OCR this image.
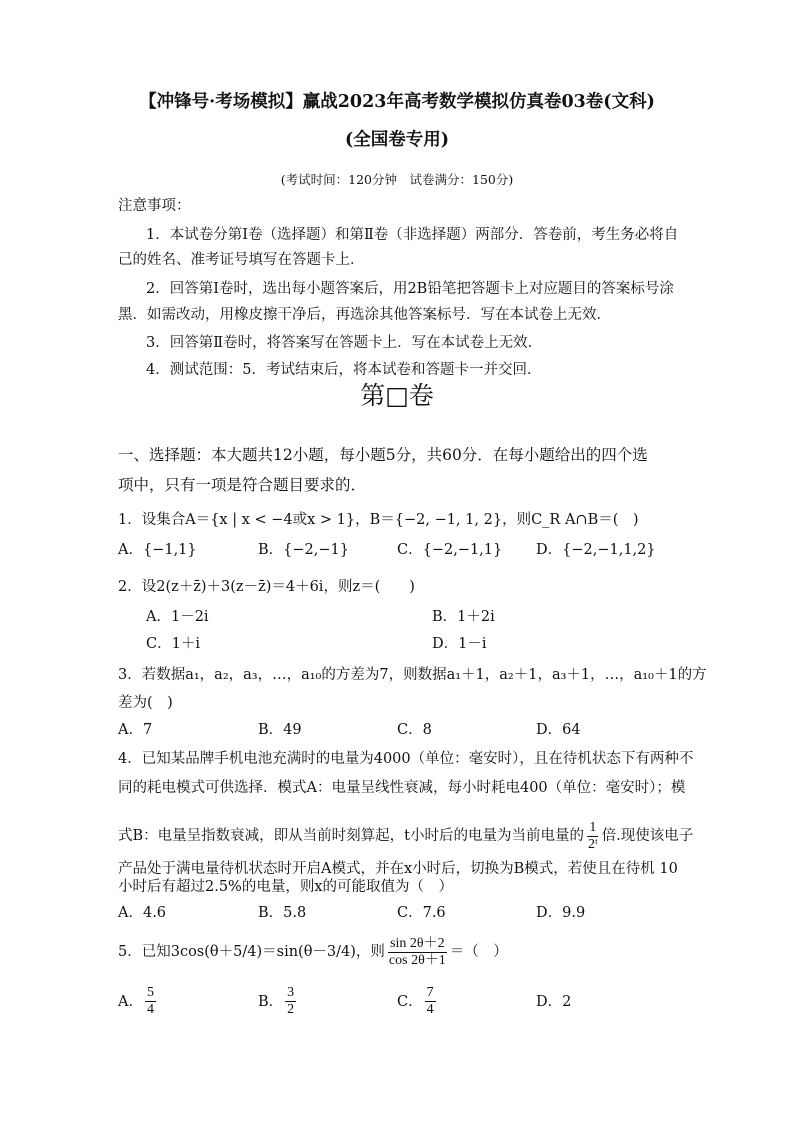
【冲锋号·考场模拟】赢战2023年高考数学模拟仿真卷03卷(文科)
(全国卷专用)
(考试时间：120分钟　试卷满分：150分)
注意事项：
1．本试卷分第Ⅰ卷（选择题）和第Ⅱ卷（非选择题）两部分．答卷前，考生务必将自
己的姓名、准考证号填写在答题卡上．
2．回答第Ⅰ卷时，选出每小题答案后，用2B铅笔把答题卡上对应题目的答案标号涂
黑．如需改动，用橡皮擦干净后，再选涂其他答案标号．写在本试卷上无效．
3．回答第Ⅱ卷时，将答案写在答题卡上．写在本试卷上无效．
4．测试范围：5．考试结束后，将本试卷和答题卡一并交回．
第□卷
一、选择题：本大题共12小题，每小题5分，共60分．在每小题给出的四个选
项中，只有一项是符合题目要求的．
1．设集合A＝{x | x < −4或x > 1}，B＝{−2, −1, 1, 2}，则C_R A∩B＝(　)
A．{−1,1}	B．{−2,−1}	C．{−2,−1,1} D．{−2,−1,1,2}
2．设2(z＋z̄)＋3(z－z̄)＝4＋6i，则z＝(　　)
A．1－2i	B．1＋2i
C．1＋i	D．1－i
3．若数据a₁，a₂，a₃，…，a₁₀的方差为7，则数据a₁＋1，a₂＋1，a₃＋1，…，a₁₀＋1的方
差为(　)
A．7	B．49	C．8	D．64
4．已知某品牌手机电池充满时的电量为4000（单位：毫安时），且在待机状态下有两种不
同的耗电模式可供选择．模式A：电量呈线性衰减，每小时耗电400（单位：毫安时）；模
式B：电量呈指数衰减，即从当前时刻算起，t小时后的电量为当前电量的 $\frac{1}{\text{2ᵗ}}$ 倍.现使该电子
产品处于满电量待机状态时开启A模式，并在x小时后，切换为B模式，若使且在待机 10
小时后有超过2.5%的电量，则x的可能取值为（　）
A．4.6	B．5.8	C．7.6	D．9.9
5．已知3cos(θ＋5/4)＝sin(θ－3/4)，则 $\frac{\sin 2\theta+2}{\cos 2\theta+1}$ ＝（　）
A． $\frac{5}{4}$	B． $\frac{3}{2}$	C． $\frac{7}{4}$	D．2
